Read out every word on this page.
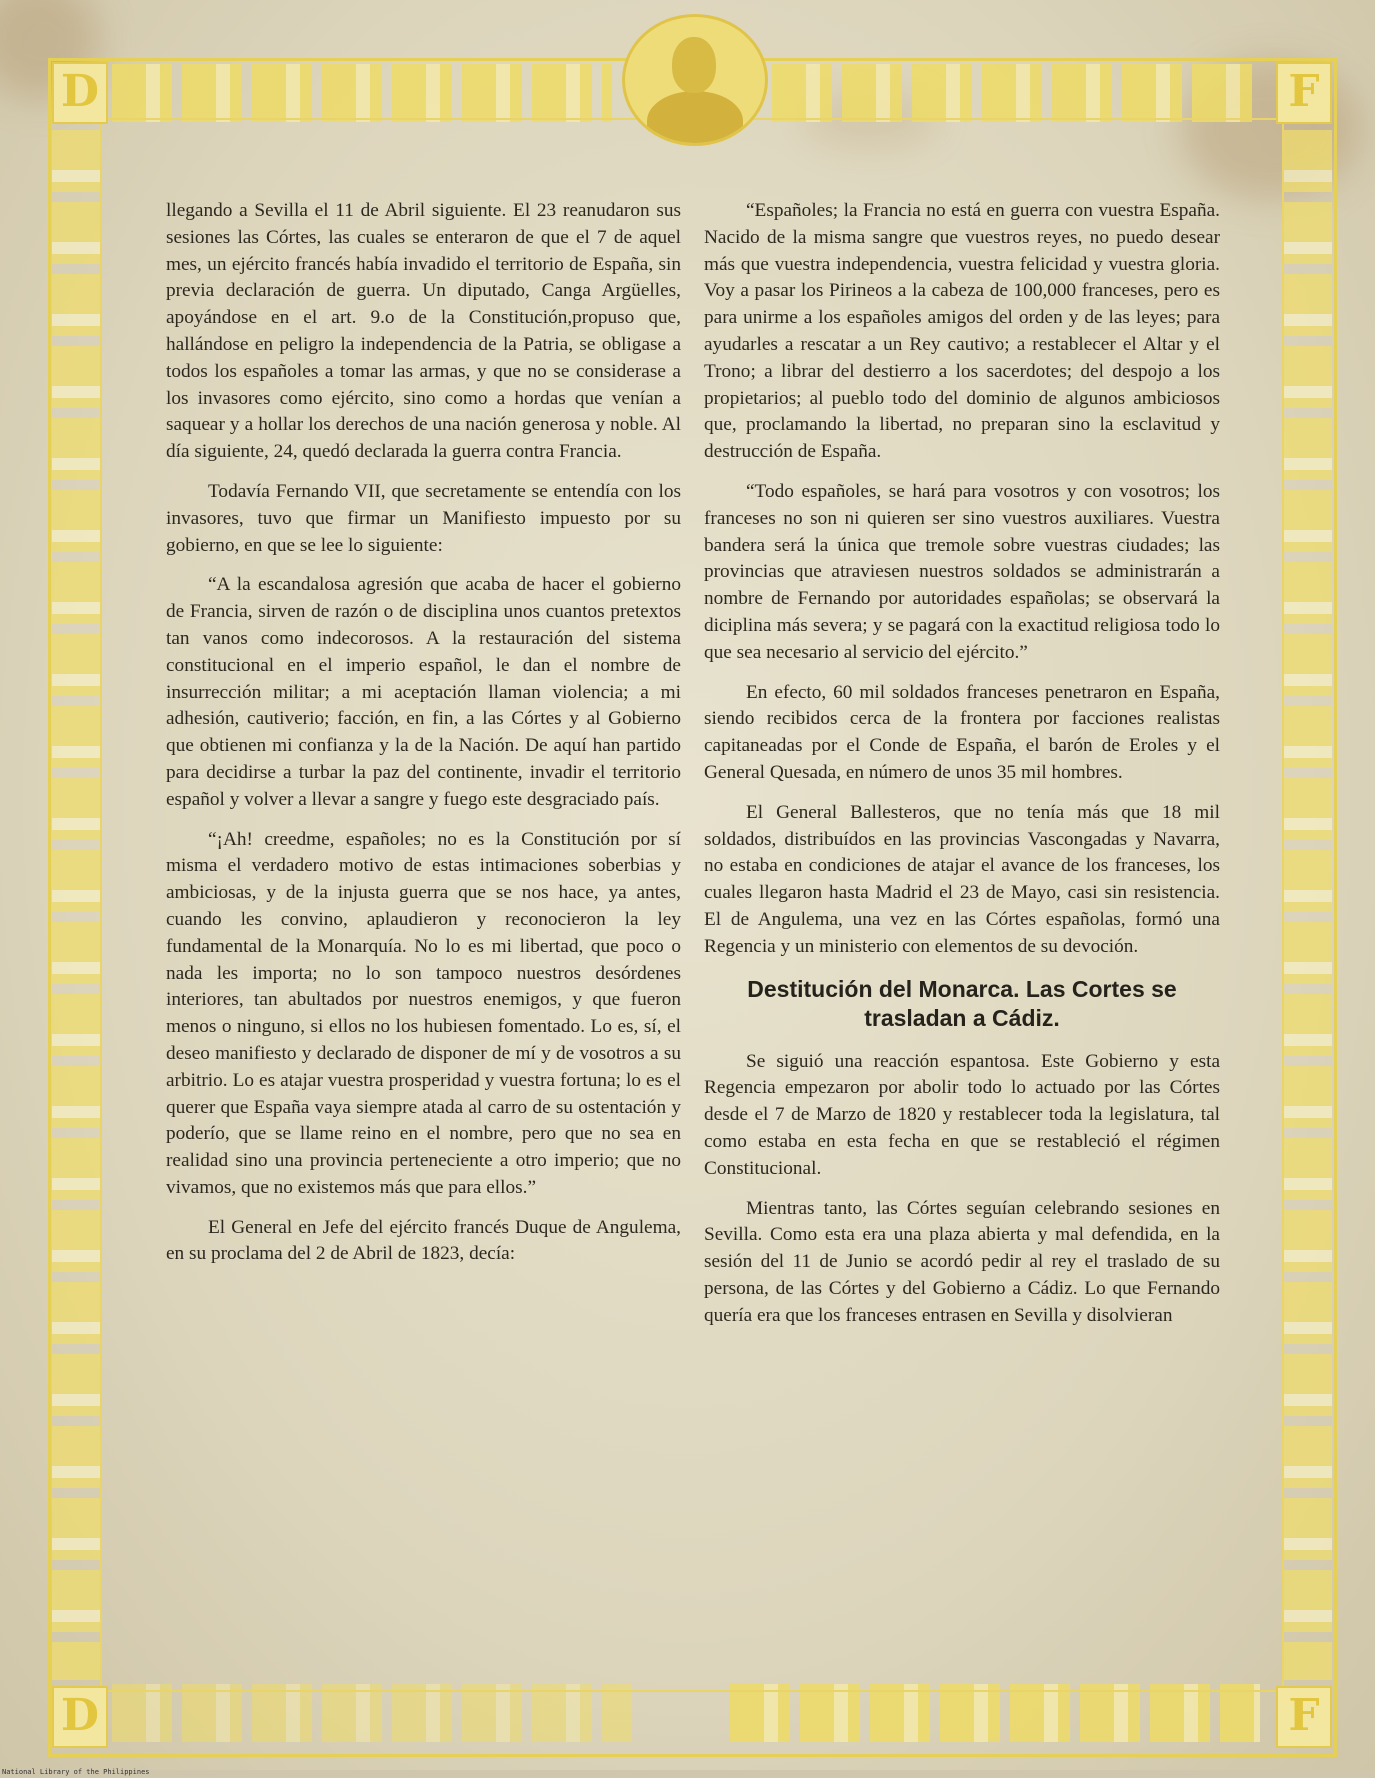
D	F
D	F

llegando a Sevilla el 11 de Abril siguiente. El 23 reanudaron sus sesiones las Córtes, las cuales se enteraron de que el 7 de aquel mes, un ejército francés había invadido el territorio de España, sin previa declaración de guerra. Un diputado, Canga Argüelles, apoyándose en el art. 9.o de la Constitución,propuso que, hallándose en peligro la independencia de la Patria, se obligase a todos los españoles a tomar las armas, y que no se considerase a los invasores como ejército, sino como a hordas que venían a saquear y a hollar los derechos de una nación generosa y noble. Al día siguiente, 24, quedó declarada la guerra contra Francia.

Todavía Fernando VII, que secretamente se entendía con los invasores, tuvo que firmar un Manifiesto impuesto por su gobierno, en que se lee lo siguiente:

“A la escandalosa agresión que acaba de hacer el gobierno de Francia, sirven de razón o de disciplina unos cuantos pretextos tan vanos como indecorosos. A la restauración del sistema constitucional en el imperio español, le dan el nombre de insurrección militar; a mi aceptación llaman violencia; a mi adhesión, cautiverio; facción, en fin, a las Córtes y al Gobierno que obtienen mi confianza y la de la Nación. De aquí han partido para decidirse a turbar la paz del continente, invadir el territorio español y volver a llevar a sangre y fuego este desgraciado país.

“¡Ah! creedme, españoles; no es la Constitución por sí misma el verdadero motivo de estas intimaciones soberbias y ambiciosas, y de la injusta guerra que se nos hace, ya antes, cuando les convino, aplaudieron y reconocieron la ley fundamental de la Monarquía. No lo es mi libertad, que poco o nada les importa; no lo son tampoco nuestros desórdenes interiores, tan abultados por nuestros enemigos, y que fueron menos o ninguno, si ellos no los hubiesen fomentado. Lo es, sí, el deseo manifiesto y declarado de disponer de mí y de vosotros a su arbitrio. Lo es atajar vuestra prosperidad y vuestra fortuna; lo es el querer que España vaya siempre atada al carro de su ostentación y poderío, que se llame reino en el nombre, pero que no sea en realidad sino una provincia perteneciente a otro imperio; que no vivamos, que no existemos más que para ellos.”

El General en Jefe del ejército francés Duque de Angulema, en su proclama del 2 de Abril de 1823, decía:

“Españoles; la Francia no está en guerra con vuestra España. Nacido de la misma sangre que vuestros reyes, no puedo desear más que vuestra independencia, vuestra felicidad y vuestra gloria. Voy a pasar los Pirineos a la cabeza de 100,000 franceses, pero es para unirme a los españoles amigos del orden y de las leyes; para ayudarles a rescatar a un Rey cautivo; a restablecer el Altar y el Trono; a librar del destierro a los sacerdotes; del despojo a los propietarios; al pueblo todo del dominio de algunos ambiciosos que, proclamando la libertad, no preparan sino la esclavitud y destrucción de España.

“Todo españoles, se hará para vosotros y con vosotros; los franceses no son ni quieren ser sino vuestros auxiliares. Vuestra bandera será la única que tremole sobre vuestras ciudades; las provincias que atraviesen nuestros soldados se administrarán a nombre de Fernando por autoridades españolas; se observará la diciplina más severa; y se pagará con la exactitud religiosa todo lo que sea necesario al servicio del ejército.”

En efecto, 60 mil soldados franceses penetraron en España, siendo recibidos cerca de la frontera por facciones realistas capitaneadas por el Conde de España, el barón de Eroles y el General Quesada, en número de unos 35 mil hombres.

El General Ballesteros, que no tenía más que 18 mil soldados, distribuídos en las provincias Vascongadas y Navarra, no estaba en condiciones de atajar el avance de los franceses, los cuales llegaron hasta Madrid el 23 de Mayo, casi sin resistencia. El de Angulema, una vez en las Córtes españolas, formó una Regencia y un ministerio con elementos de su devoción.

Destitución del Monarca. Las Cortes se trasladan a Cádiz.

Se siguió una reacción espantosa. Este Gobierno y esta Regencia empezaron por abolir todo lo actuado por las Córtes desde el 7 de Marzo de 1820 y restablecer toda la legislatura, tal como estaba en esta fecha en que se restableció el régimen Constitucional.

Mientras tanto, las Córtes seguían celebrando sesiones en Sevilla. Como esta era una plaza abierta y mal defendida, en la sesión del 11 de Junio se acordó pedir al rey el traslado de su persona, de las Córtes y del Gobierno a Cádiz. Lo que Fernando quería era que los franceses entrasen en Sevilla y disolvieran

National Library of the Philippines
